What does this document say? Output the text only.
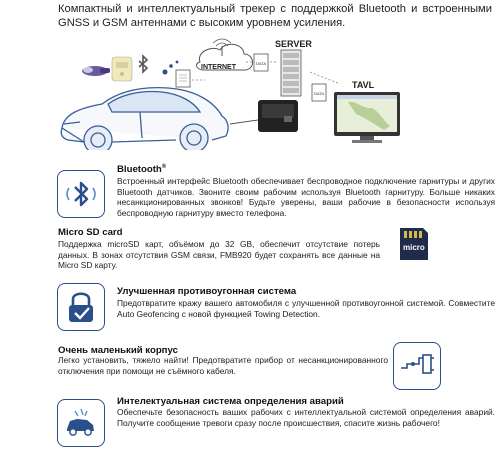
Компактный и интеллектуальный трекер с поддержкой Bluetooth и встроенными GNSS и GSM антеннами с высоким уровнем усиления.
INTERNET
DATA
SERVER
DATA
TAVL
Bluetooth®
Встроенный интерфейс Bluetooth обеспечивает беспроводное подключение гарнитуры и других Bluetooth датчиков. Звоните своим рабочим используя Bluetooth гарнитуру. Больше никаких несанкционированных звонков! Будьте уверены, ваши рабочие в безопасности используя беспроводную гарнитуру вместо телефона.
Micro SD card
Поддержка microSD карт, объёмом до 32 GB, обеспечит отсутствие потерь данных. В зонах отсутствия GSM связи, FMB920 будет сохранять все данные на Micro SD карту.
micro
Улучшенная противоугонная система
Предотвратите кражу вашего автомобиля с улучшенной противоугонной системой. Совместите Auto Geofencing с новой функцией Towing Detection.
Очень маленький корпус
Легко установить, тяжело найти! Предотвратите прибор от несанкционированного отключения при помощи не съёмного кабеля.
Интелектуальная система определения аварий
Обеспечьте безопасность ваших рабочих с интеллектуальной системой определения аварий. Получите сообщение тревоги сразу после происшествия, спасите жизнь рабочего!
